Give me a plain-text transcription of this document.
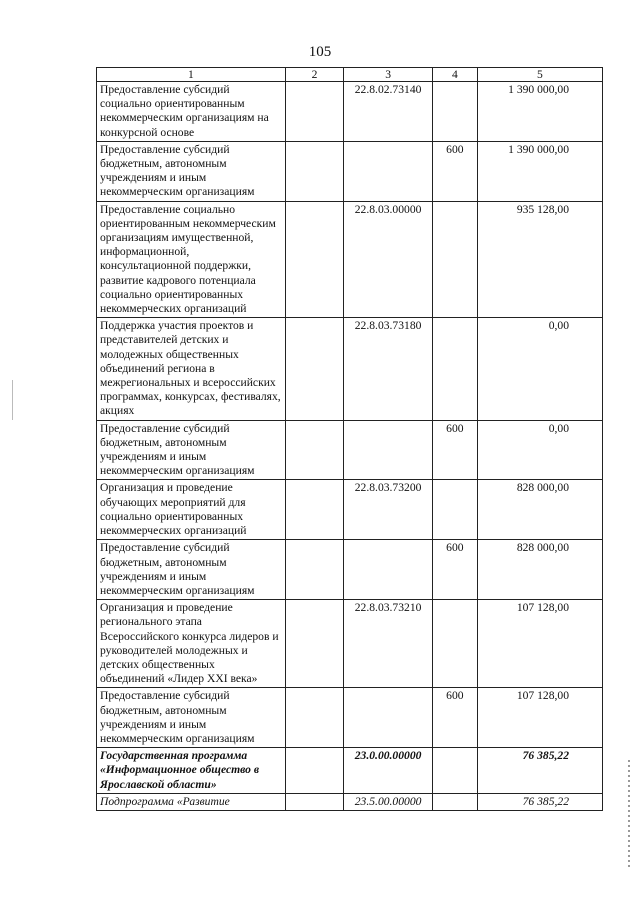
105
1	2	3	4	5
Предоставление субсидий социально ориентированным некоммерческим организациям на конкурсной основе		22.8.02.73140		1 390 000,00
Предоставление субсидий бюджетным, автономным учреждениям и иным некоммерческим организациям			600	1 390 000,00
Предоставление социально ориентированным некоммерческим организациям имущественной, информационной, консультационной поддержки, развитие кадрового потенциала социально ориентированных некоммерческих организаций		22.8.03.00000		935 128,00
Поддержка участия проектов и представителей детских и молодежных общественных объединений региона в межрегиональных и всероссийских программах, конкурсах, фестивалях, акциях		22.8.03.73180		0,00
Предоставление субсидий бюджетным, автономным учреждениям и иным некоммерческим организациям			600	0,00
Организация и проведение обучающих мероприятий для социально ориентированных некоммерческих организаций		22.8.03.73200		828 000,00
Предоставление субсидий бюджетным, автономным учреждениям и иным некоммерческим организациям			600	828 000,00
Организация и проведение регионального этапа Всероссийского конкурса лидеров и руководителей молодежных и детских общественных объединений «Лидер XXI века»		22.8.03.73210		107 128,00
Предоставление субсидий бюджетным, автономным учреждениям и иным некоммерческим организациям			600	107 128,00
Государственная программа «Информационное общество в Ярославской области»		23.0.00.00000		76 385,22
Подпрограмма «Развитие		23.5.00.00000		76 385,22
